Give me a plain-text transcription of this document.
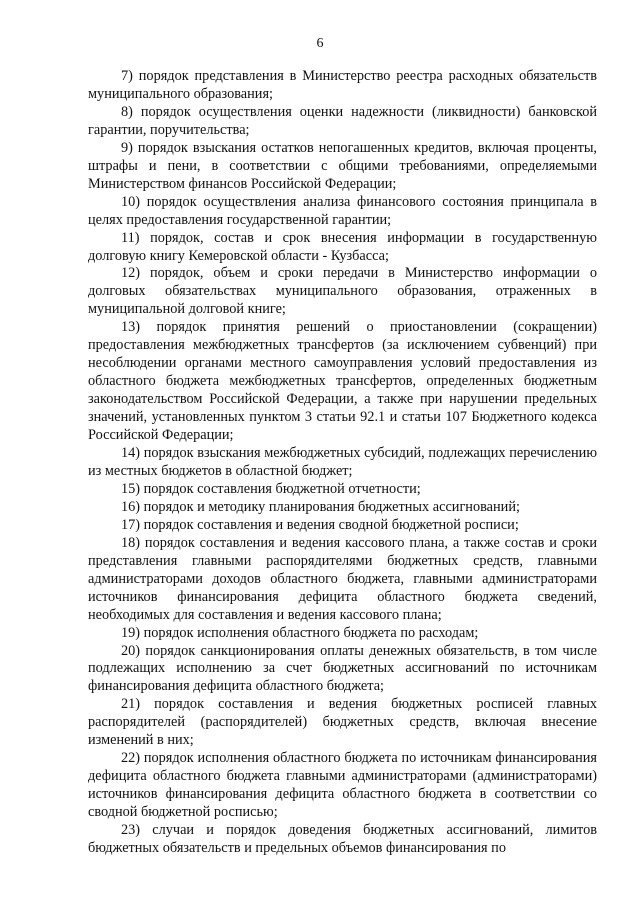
6

7) порядок представления в Министерство реестра расходных обязательств муниципального образования;

8) порядок осуществления оценки надежности (ликвидности) банковской гарантии, поручительства;

9) порядок взыскания остатков непогашенных кредитов, включая проценты, штрафы и пени, в соответствии с общими требованиями, определяемыми Министерством финансов Российской Федерации;

10) порядок осуществления анализа финансового состояния принципала в целях предоставления государственной гарантии;

11) порядок, состав и срок внесения информации в государственную долговую книгу Кемеровской области - Кузбасса;

12) порядок, объем и сроки передачи в Министерство информации о долговых обязательствах муниципального образования, отраженных в муниципальной долговой книге;

13) порядок принятия решений о приостановлении (сокращении) предоставления межбюджетных трансфертов (за исключением субвенций) при несоблюдении органами местного самоуправления условий предоставления из областного бюджета межбюджетных трансфертов, определенных бюджетным законодательством Российской Федерации, а также при нарушении предельных значений, установленных пунктом 3 статьи 92.1 и статьи 107 Бюджетного кодекса Российской Федерации;

14) порядок взыскания межбюджетных субсидий, подлежащих перечислению из местных бюджетов в областной бюджет;

15) порядок составления бюджетной отчетности;

16) порядок и методику планирования бюджетных ассигнований;

17) порядок составления и ведения сводной бюджетной росписи;

18) порядок составления и ведения кассового плана, а также состав и сроки представления главными распорядителями бюджетных средств, главными администраторами доходов областного бюджета, главными администраторами источников финансирования дефицита областного бюджета сведений, необходимых для составления и ведения кассового плана;

19) порядок исполнения областного бюджета по расходам;

20) порядок санкционирования оплаты денежных обязательств, в том числе подлежащих исполнению за счет бюджетных ассигнований по источникам финансирования дефицита областного бюджета;

21) порядок составления и ведения бюджетных росписей главных распорядителей (распорядителей) бюджетных средств, включая внесение изменений в них;

22) порядок исполнения областного бюджета по источникам финансирования дефицита областного бюджета главными администраторами (администраторами) источников финансирования дефицита областного бюджета в соответствии со сводной бюджетной росписью;

23) случаи и порядок доведения бюджетных ассигнований, лимитов бюджетных обязательств и предельных объемов финансирования по
